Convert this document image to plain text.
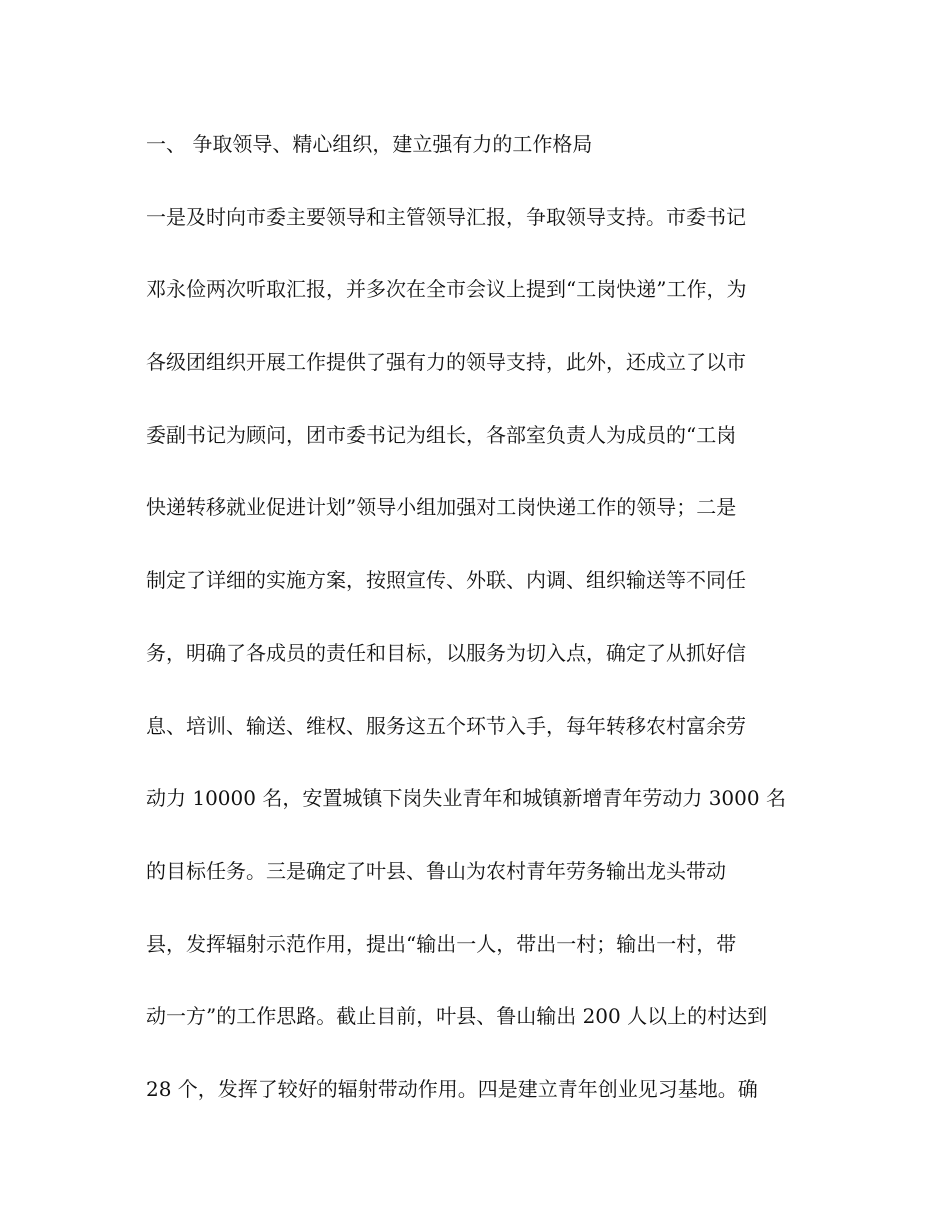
一、 争取领导、精心组织，建立强有力的工作格局
一是及时向市委主要领导和主管领导汇报，争取领导支持。市委书记
邓永俭两次听取汇报，并多次在全市会议上提到“工岗快递”工作，为
各级团组织开展工作提供了强有力的领导支持，此外，还成立了以市
委副书记为顾问，团市委书记为组长，各部室负责人为成员的“工岗
快递转移就业促进计划”领导小组加强对工岗快递工作的领导；二是
制定了详细的实施方案，按照宣传、外联、内调、组织输送等不同任
务，明确了各成员的责任和目标，以服务为切入点，确定了从抓好信
息、培训、输送、维权、服务这五个环节入手，每年转移农村富余劳
动力 10000 名，安置城镇下岗失业青年和城镇新增青年劳动力 3000 名
的目标任务。三是确定了叶县、鲁山为农村青年劳务输出龙头带动
县，发挥辐射示范作用，提出“输出一人，带出一村；输出一村，带
动一方”的工作思路。截止目前，叶县、鲁山输出 200 人以上的村达到
28 个，发挥了较好的辐射带动作用。四是建立青年创业见习基地。确
